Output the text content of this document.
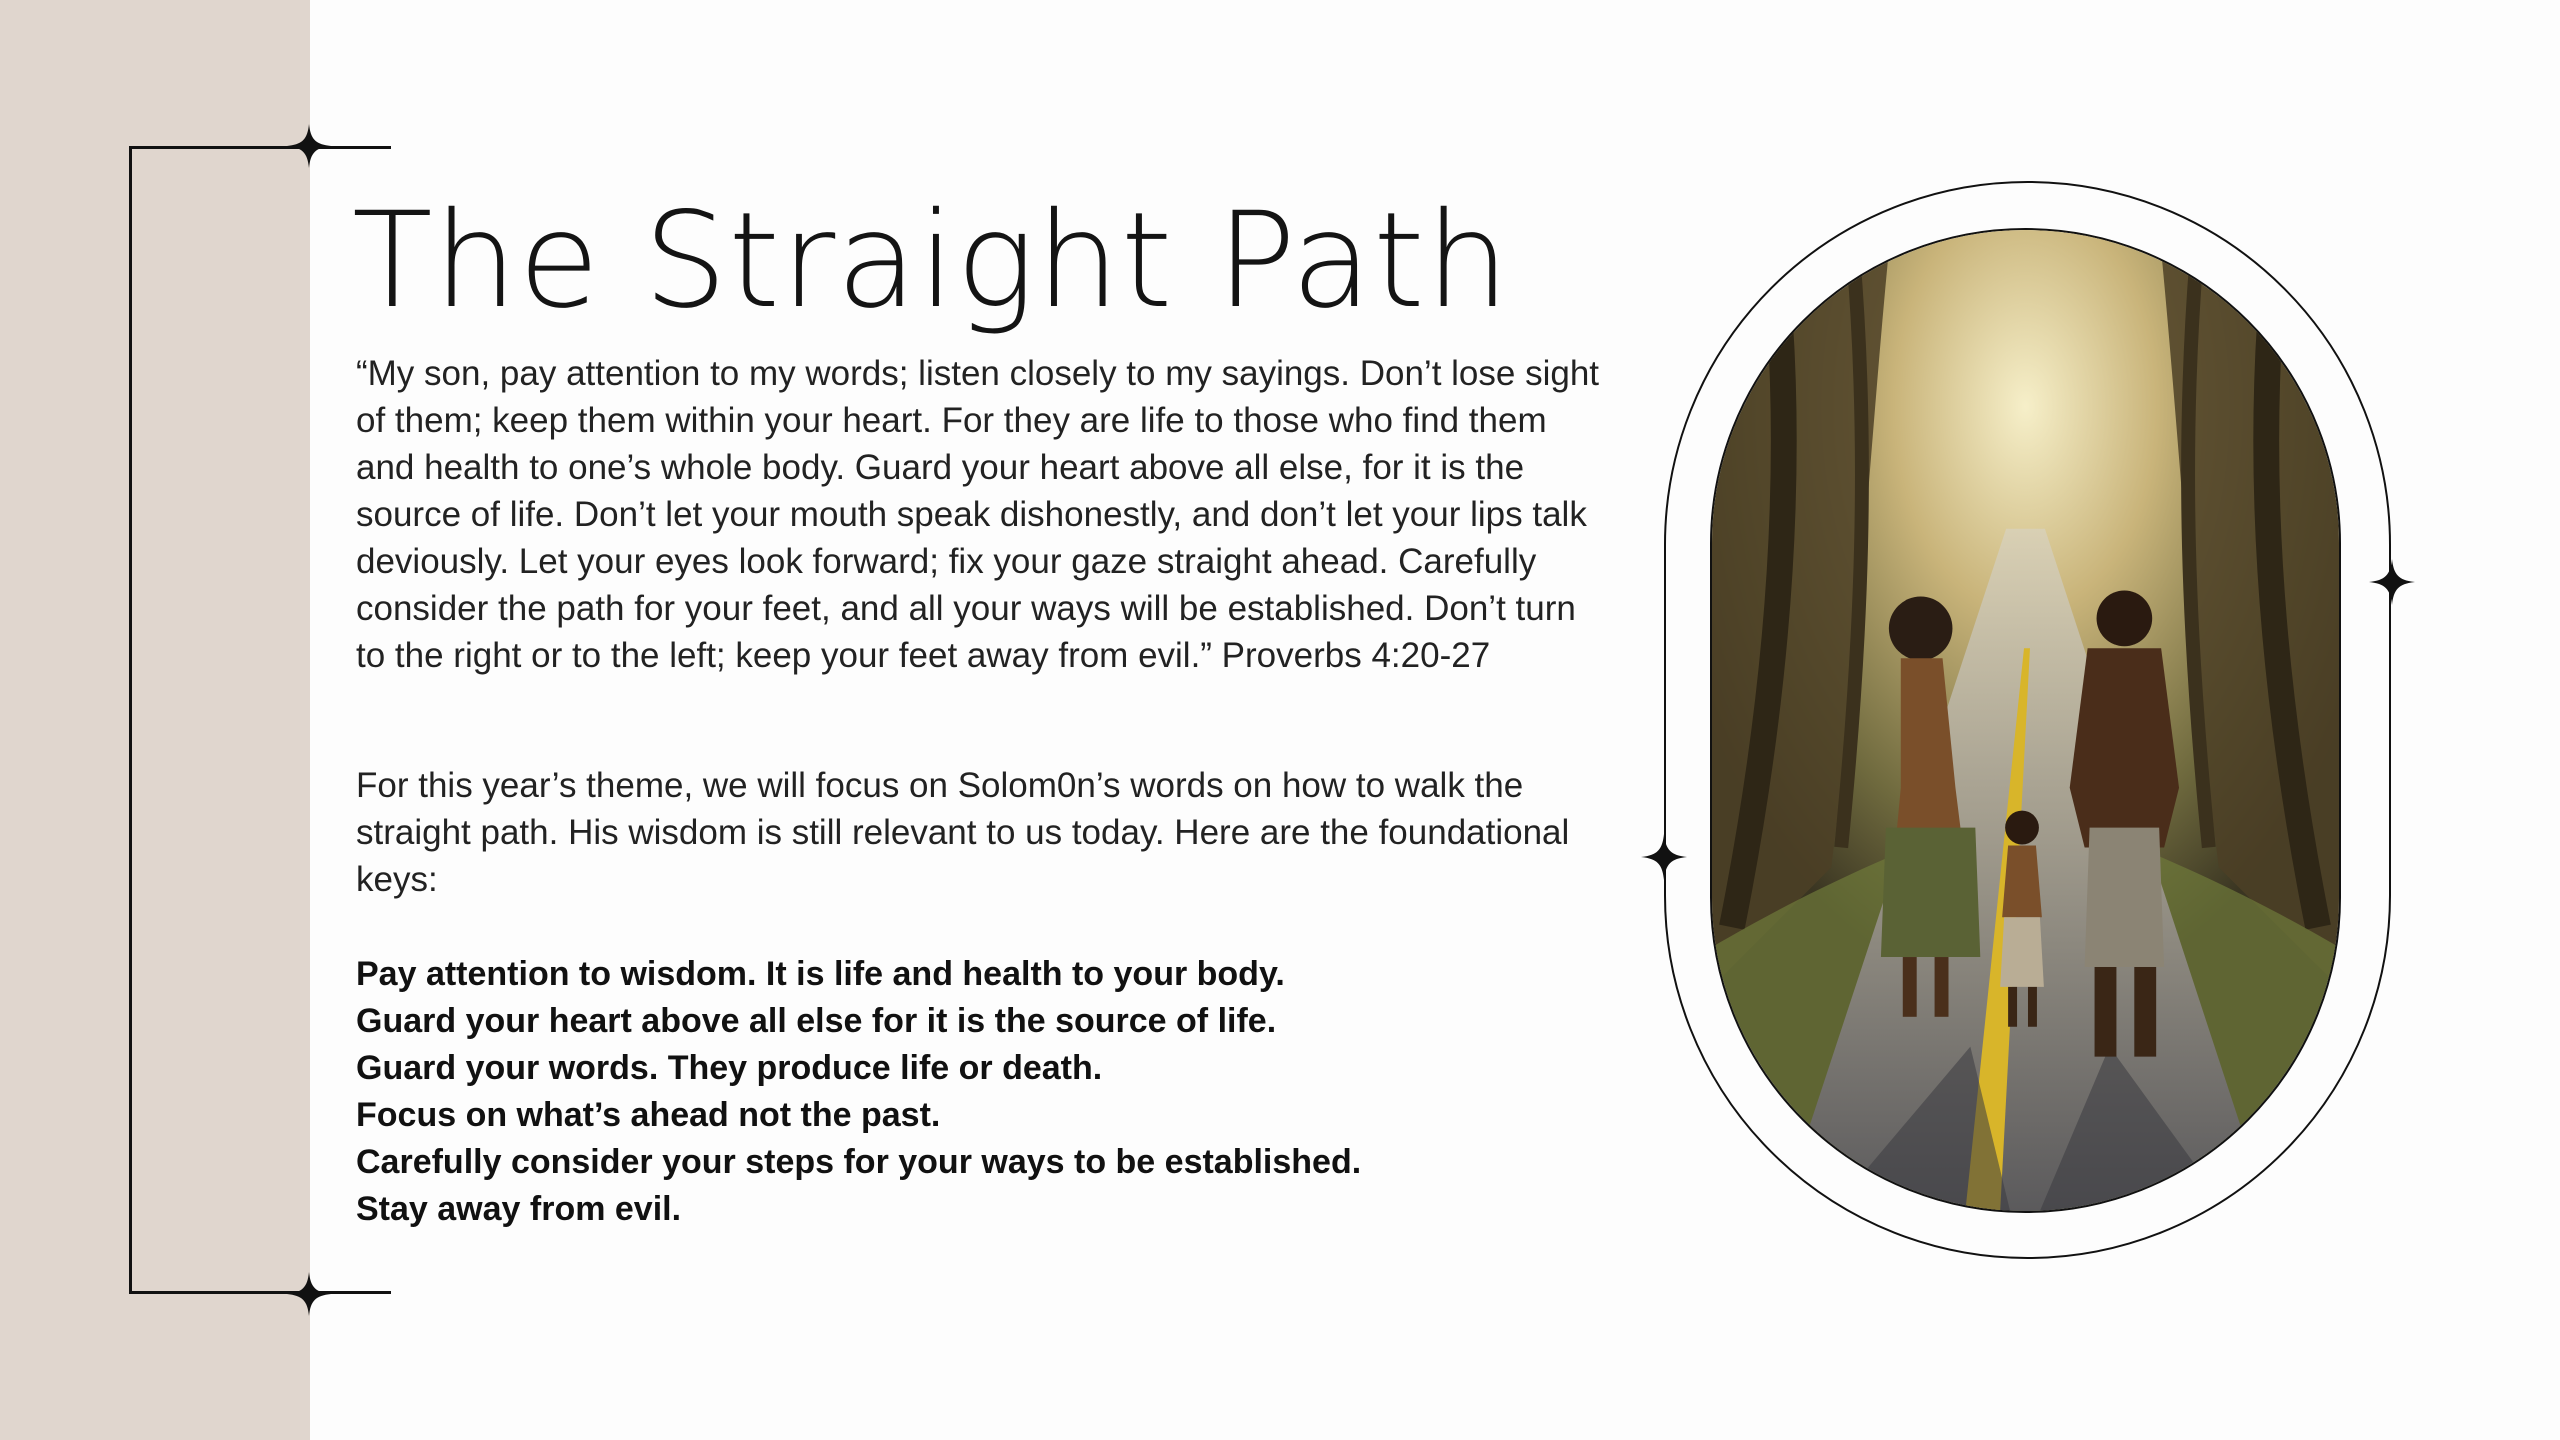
The Straight Path

“My son, pay attention to my words; listen closely to my sayings. Don’t lose sight of them; keep them within your heart. For they are life to those who find them and health to one’s whole body. Guard your heart above all else, for it is the source of life. Don’t let your mouth speak dishonestly, and don’t let your lips talk deviously. Let your eyes look forward; fix your gaze straight ahead. Carefully consider the path for your feet, and all your ways will be established. Don’t turn to the right or to the left; keep your feet away from evil.” Proverbs 4:20-27

For this year’s theme, we will focus on Solom0n’s words on how to walk the straight path. His wisdom is still relevant to us today. Here are the foundational keys:

Pay attention to wisdom. It is life and health to your body.
Guard your heart above all else for it is the source of life.
Guard your words. They produce life or death.
Focus on what’s ahead not the past.
Carefully consider your steps for your ways to be established.
Stay away from evil.
